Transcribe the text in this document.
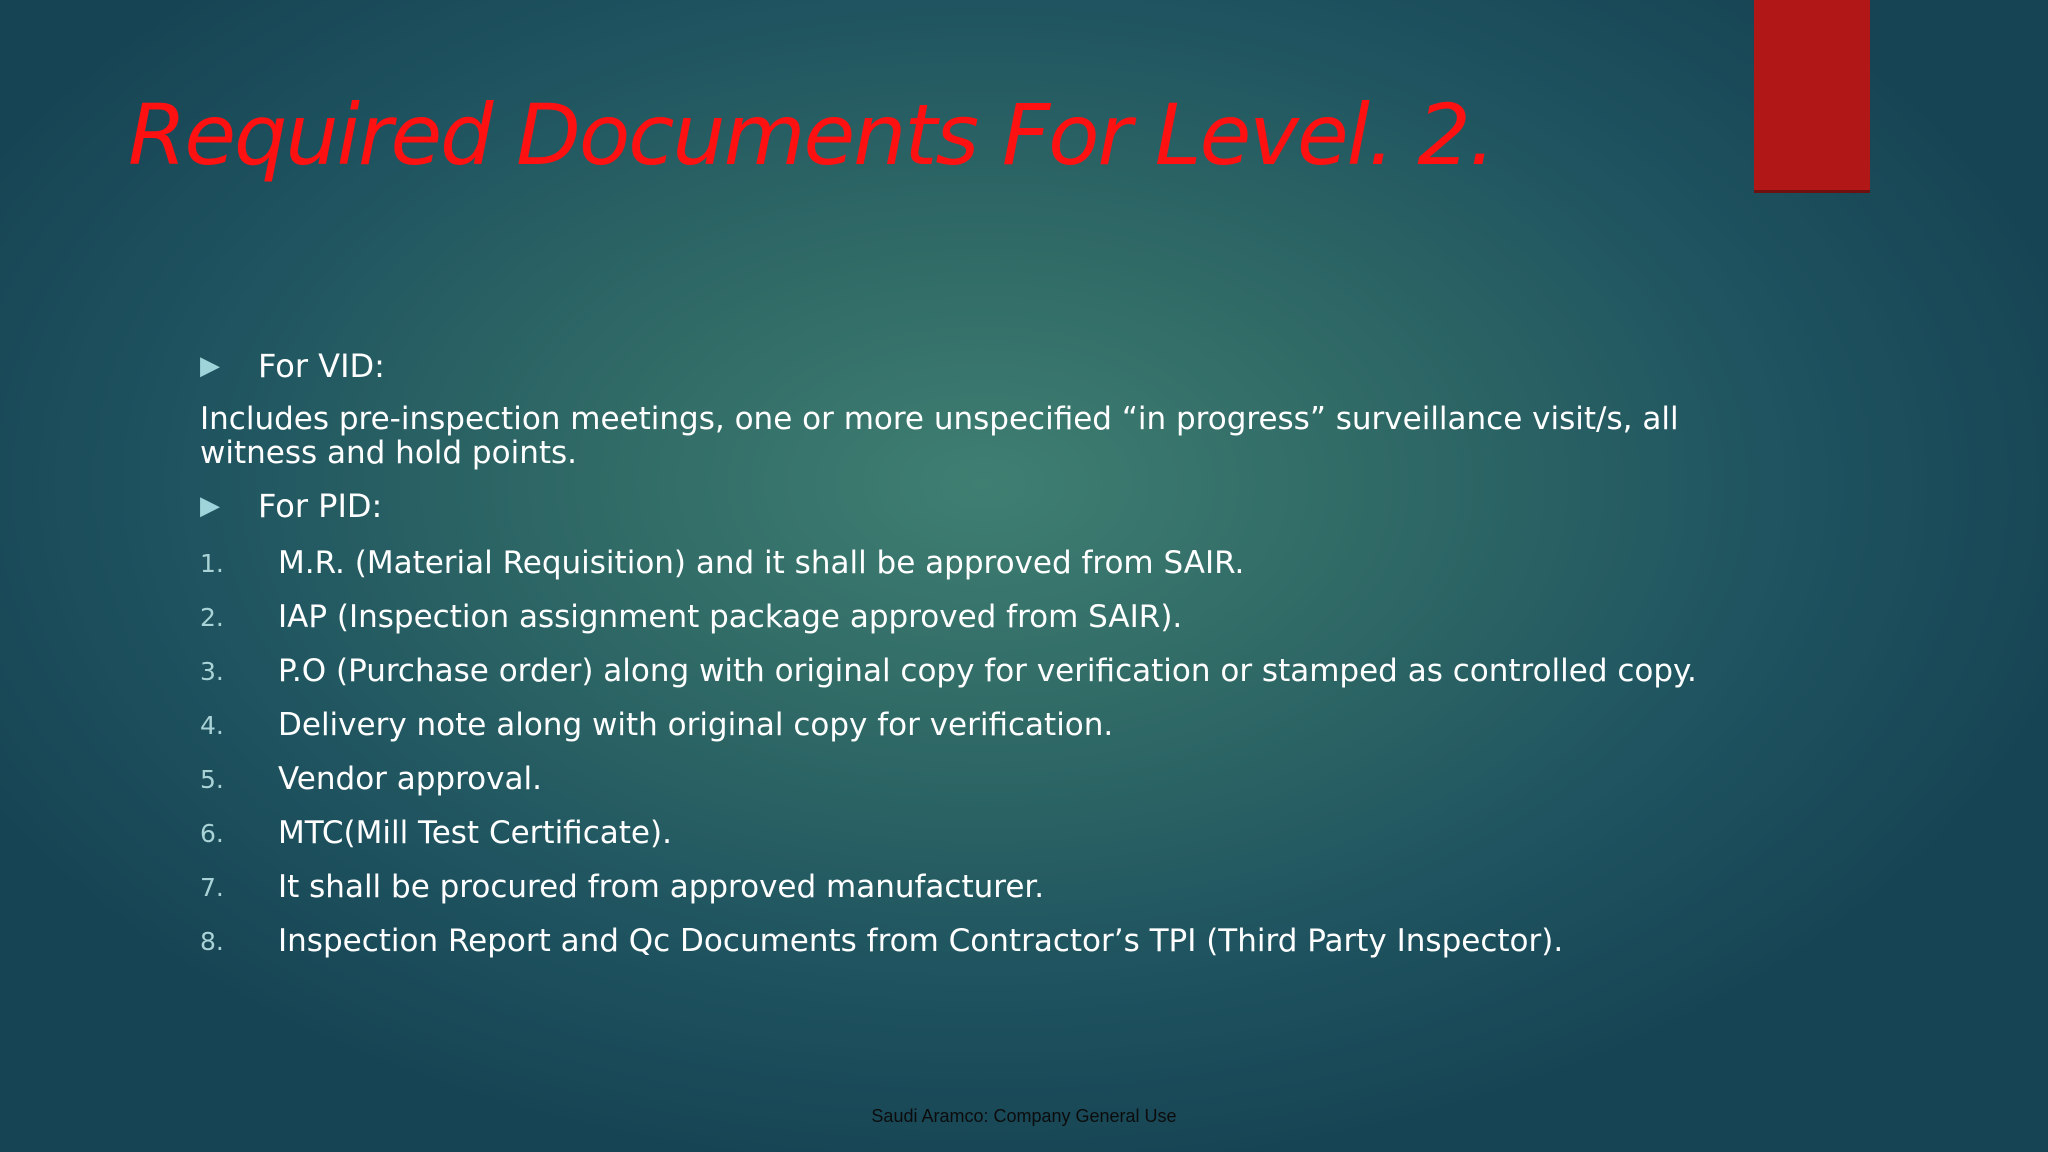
Required Documents For Level. 2.
▶	For VID:
Includes pre-inspection meetings, one or more unspecified “in progress” surveillance visit/s, all witness and hold points.
▶	For PID:
1.	M.R. (Material Requisition) and it shall be approved from SAIR.
2.	IAP (Inspection assignment package approved from SAIR).
3.	P.O (Purchase order) along with original copy for verification or stamped as controlled copy.
4.	Delivery note along with original copy for verification.
5.	Vendor approval.
6.	MTC(Mill Test Certificate).
7.	It shall be procured from approved manufacturer.
8.	Inspection Report and Qc Documents from Contractor’s TPI (Third Party Inspector).
Saudi Aramco: Company General Use
